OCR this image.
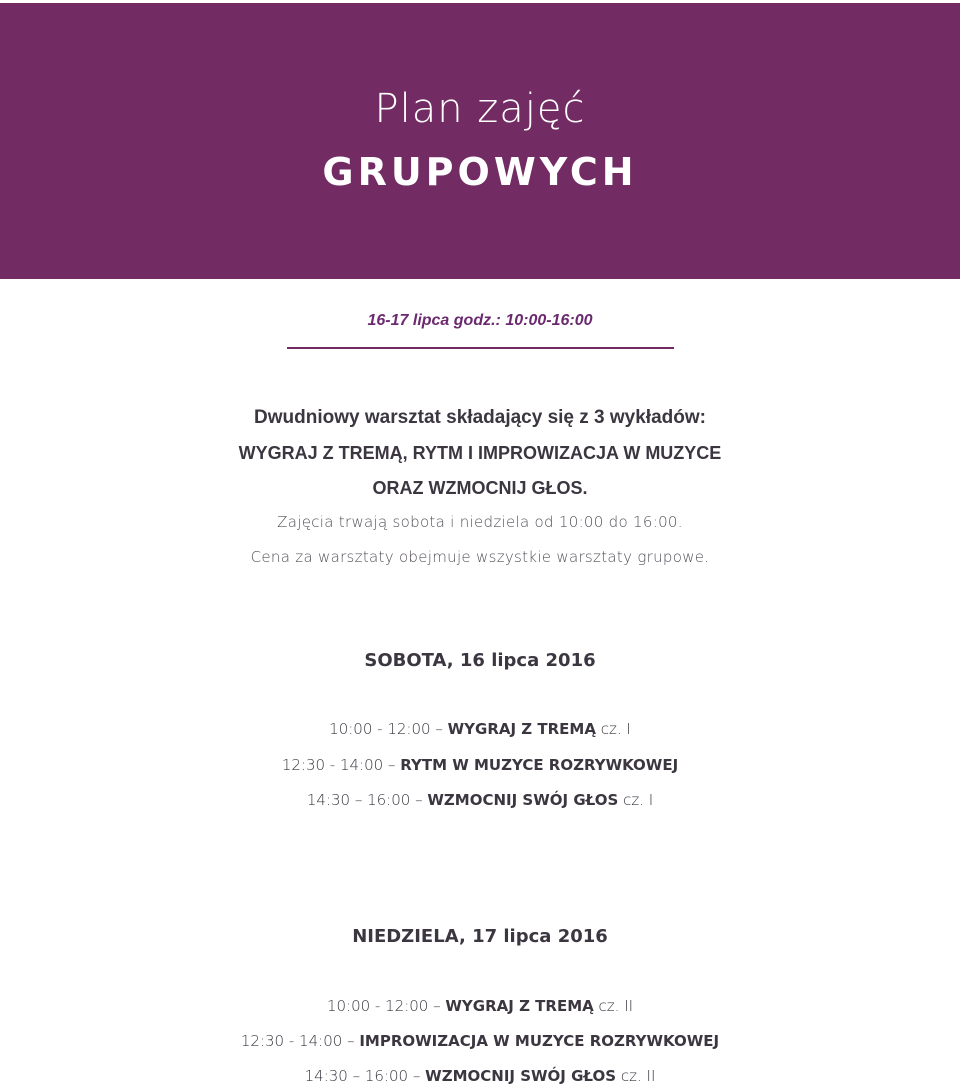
Plan zajęć
GRUPOWYCH
16-17 lipca godz.: 10:00-16:00
Dwudniowy warsztat składający się z 3 wykładów:
WYGRAJ Z TREMĄ, RYTM I IMPROWIZACJA W MUZYCE
ORAZ WZMOCNIJ GŁOS.
Zajęcia trwają sobota i niedziela od 10:00 do 16:00.
Cena za warsztaty obejmuje wszystkie warsztaty grupowe.
SOBOTA, 16 lipca 2016
10:00 - 12:00 – WYGRAJ Z TREMĄ cz. I
12:30 - 14:00 – RYTM W MUZYCE ROZRYWKOWEJ
14:30 – 16:00 – WZMOCNIJ SWÓJ GŁOS cz. I
NIEDZIELA, 17 lipca 2016
10:00 - 12:00 – WYGRAJ Z TREMĄ cz. II
12:30 - 14:00 – IMPROWIZACJA W MUZYCE ROZRYWKOWEJ
14:30 – 16:00 – WZMOCNIJ SWÓJ GŁOS cz. II
